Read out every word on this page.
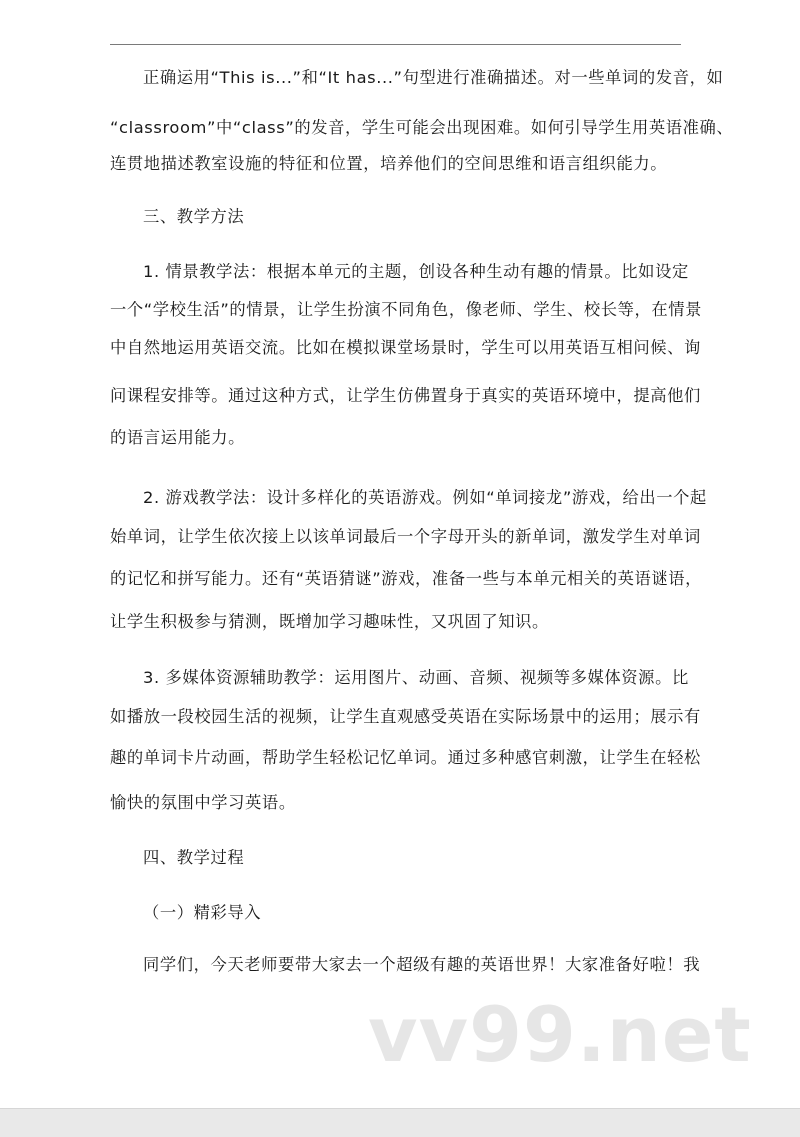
正确运用“This is...”和“It has...”句型进行准确描述。对一些单词的发音，如
“classroom”中“class”的发音，学生可能会出现困难。如何引导学生用英语准确、
连贯地描述教室设施的特征和位置，培养他们的空间思维和语言组织能力。
三、教学方法
1. 情景教学法：根据本单元的主题，创设各种生动有趣的情景。比如设定
一个“学校生活”的情景，让学生扮演不同角色，像老师、学生、校长等，在情景
中自然地运用英语交流。比如在模拟课堂场景时，学生可以用英语互相问候、询
问课程安排等。通过这种方式，让学生仿佛置身于真实的英语环境中，提高他们
的语言运用能力。
2. 游戏教学法：设计多样化的英语游戏。例如“单词接龙”游戏，给出一个起
始单词，让学生依次接上以该单词最后一个字母开头的新单词，激发学生对单词
的记忆和拼写能力。还有“英语猜谜”游戏，准备一些与本单元相关的英语谜语，
让学生积极参与猜测，既增加学习趣味性，又巩固了知识。
3. 多媒体资源辅助教学：运用图片、动画、音频、视频等多媒体资源。比
如播放一段校园生活的视频，让学生直观感受英语在实际场景中的运用；展示有
趣的单词卡片动画，帮助学生轻松记忆单词。通过多种感官刺激，让学生在轻松
愉快的氛围中学习英语。
四、教学过程
（一）精彩导入
同学们，今天老师要带大家去一个超级有趣的英语世界！大家准备好啦！我
vv99.net
